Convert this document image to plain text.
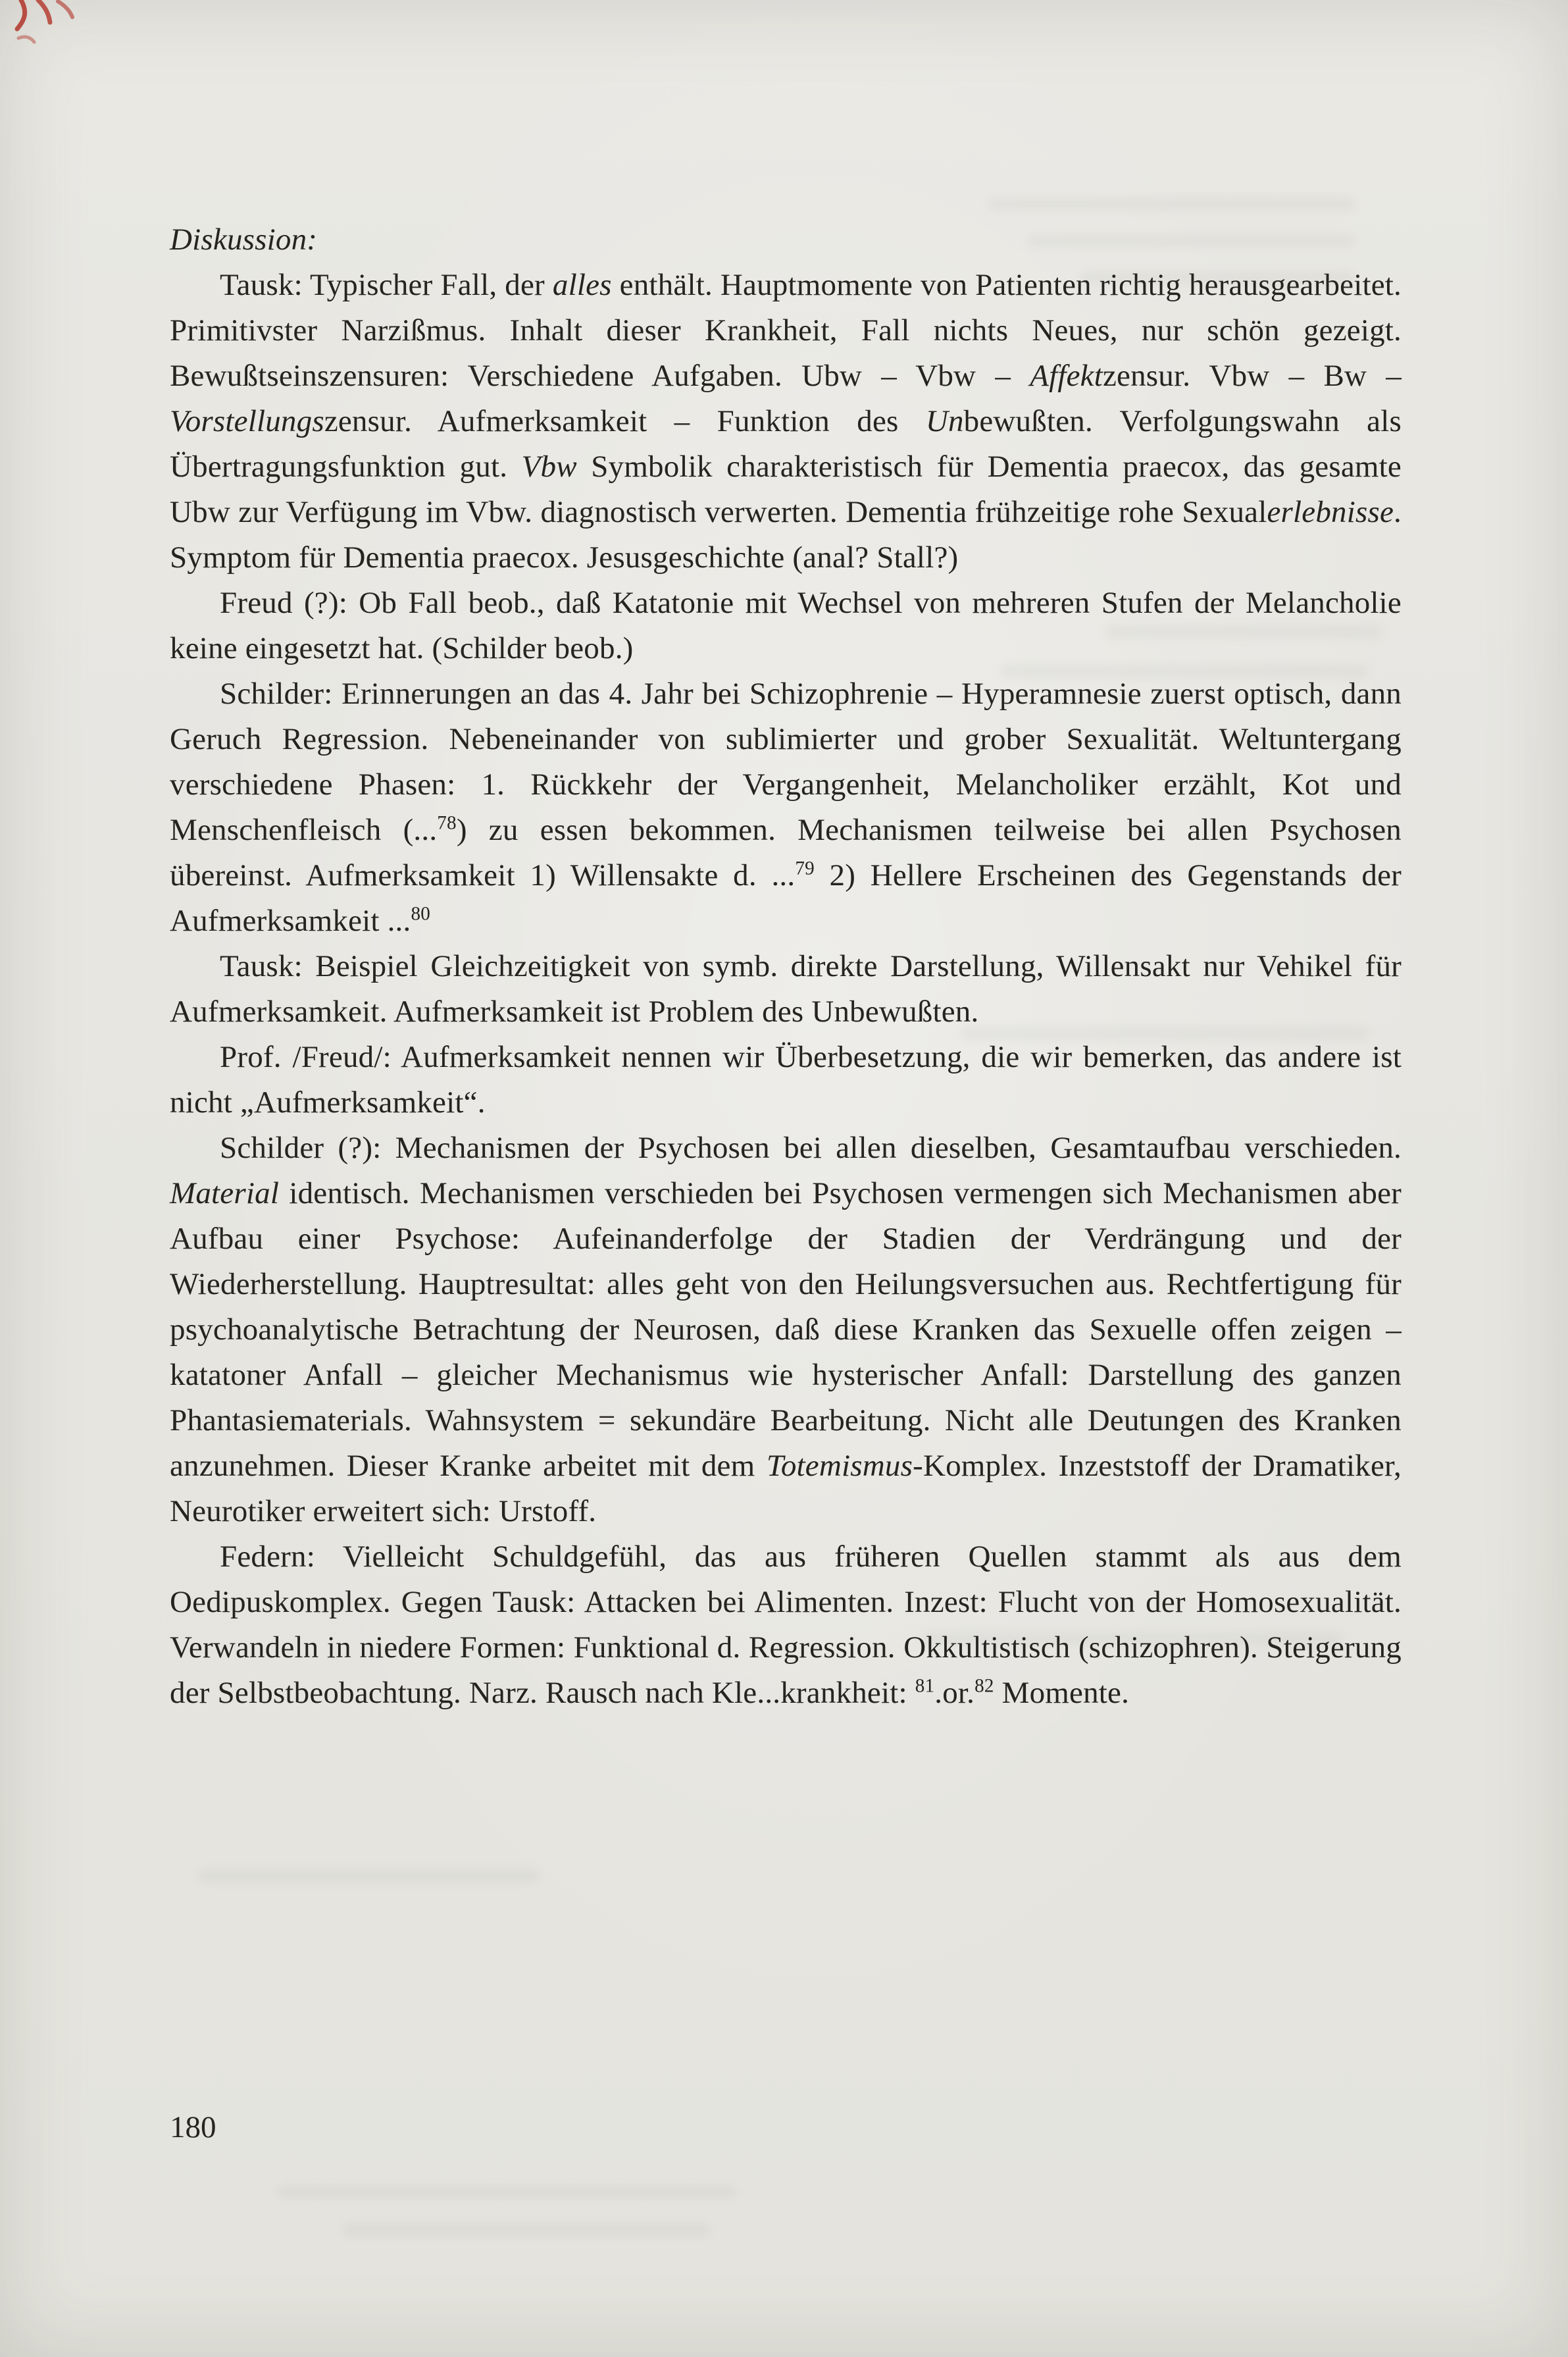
Diskussion:

Tausk: Typischer Fall, der alles enthält. Hauptmomente von Patienten richtig herausgearbeitet. Primitivster Narzißmus. Inhalt dieser Krankheit, Fall nichts Neues, nur schön gezeigt. Bewußtseinszensuren: Verschiedene Aufgaben. Ubw – Vbw – Affektzensur. Vbw – Bw – Vorstellungszensur. Aufmerksamkeit – Funktion des Unbewußten. Verfolgungswahn als Übertragungsfunktion gut. Vbw Symbolik charakteristisch für Dementia praecox, das gesamte Ubw zur Verfügung im Vbw. diagnostisch verwerten. Dementia frühzeitige rohe Sexualerlebnisse. Symptom für Dementia praecox. Jesusgeschichte (anal? Stall?)

Freud (?): Ob Fall beob., daß Katatonie mit Wechsel von mehreren Stufen der Melancholie keine eingesetzt hat. (Schilder beob.)

Schilder: Erinnerungen an das 4. Jahr bei Schizophrenie – Hyperamnesie zuerst optisch, dann Geruch Regression. Nebeneinander von sublimierter und grober Sexualität. Weltuntergang verschiedene Phasen: 1. Rückkehr der Vergangenheit, Melancholiker erzählt, Kot und Menschenfleisch (...$^{78}$) zu essen bekommen. Mechanismen teilweise bei allen Psychosen übereinst. Aufmerksamkeit 1) Willensakte d. ...$^{79}$ 2) Hellere Erscheinen des Gegenstands der Aufmerksamkeit ...$^{80}$

Tausk: Beispiel Gleichzeitigkeit von symb. direkte Darstellung, Willensakt nur Vehikel für Aufmerksamkeit. Aufmerksamkeit ist Problem des Unbewußten.

Prof. /Freud/: Aufmerksamkeit nennen wir Überbesetzung, die wir bemerken, das andere ist nicht „Aufmerksamkeit“.

Schilder (?): Mechanismen der Psychosen bei allen dieselben, Gesamtaufbau verschieden. Material identisch. Mechanismen verschieden bei Psychosen vermengen sich Mechanismen aber Aufbau einer Psychose: Aufeinanderfolge der Stadien der Verdrängung und der Wiederherstellung. Hauptresultat: alles geht von den Heilungsversuchen aus. Rechtfertigung für psychoanalytische Betrachtung der Neurosen, daß diese Kranken das Sexuelle offen zeigen – katatoner Anfall – gleicher Mechanismus wie hysterischer Anfall: Darstellung des ganzen Phantasiematerials. Wahnsystem = sekundäre Bearbeitung. Nicht alle Deutungen des Kranken anzunehmen. Dieser Kranke arbeitet mit dem Totemismus-Komplex. Inzeststoff der Dramatiker, Neurotiker erweitert sich: Urstoff.

Federn: Vielleicht Schuldgefühl, das aus früheren Quellen stammt als aus dem Oedipuskomplex. Gegen Tausk: Attacken bei Alimenten. Inzest: Flucht von der Homosexualität. Verwandeln in niedere Formen: Funktional d. Regression. Okkultistisch (schizophren). Steigerung der Selbstbeobachtung. Narz. Rausch nach Kle...krankheit: $^{81}$.or.$^{82}$ Momente.

180
